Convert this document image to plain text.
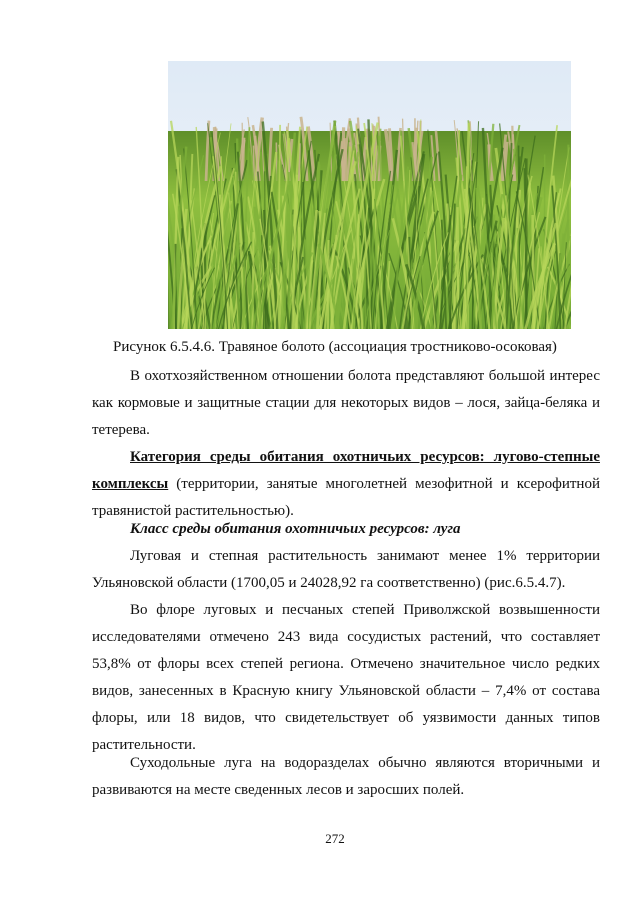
Рисунок 6.5.4.6. Травяное болото (ассоциация тростниково-осоковая)

В охотхозяйственном отношении болота представляют большой интерес как кормовые и защитные стации для некоторых видов – лося, зайца-беляка и тетерева.

Категория среды обитания охотничьих ресурсов: лугово-степные комплексы (территории, занятые многолетней мезофитной и ксерофитной травянистой растительностью).

Класс среды обитания охотничьих ресурсов: луга

Луговая и степная растительность занимают менее 1% территории Ульяновской области (1700,05 и 24028,92 га соответственно) (рис.6.5.4.7).

Во флоре луговых и песчаных степей Приволжской возвышенности исследователями отмечено 243 вида сосудистых растений, что составляет 53,8% от флоры всех степей региона. Отмечено значительное число редких видов, занесенных в Красную книгу Ульяновской области – 7,4% от состава флоры, или 18 видов, что свидетельствует об уязвимости данных типов растительности.

Суходольные луга на водоразделах обычно являются вторичными и развиваются на месте сведенных лесов и заросших полей.

272
